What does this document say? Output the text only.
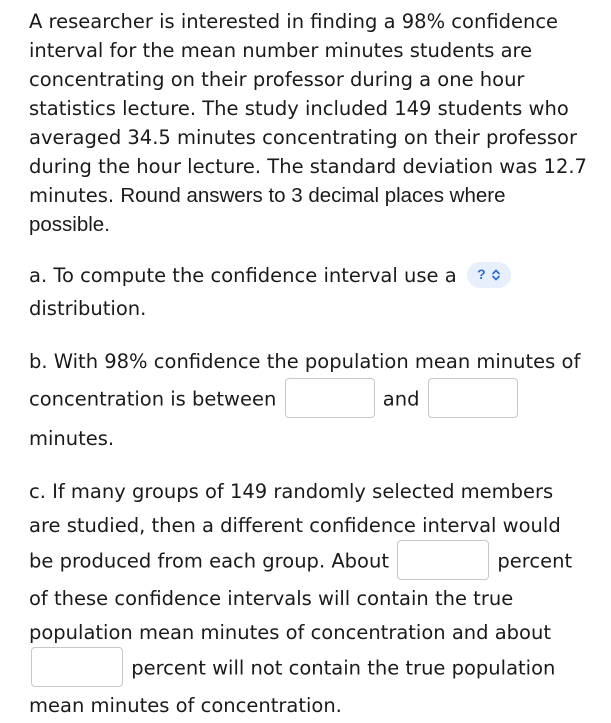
A researcher is interested in finding a 98% confidence interval for the mean number minutes students are concentrating on their professor during a one hour statistics lecture. The study included 149 students who averaged 34.5 minutes concentrating on their professor during the hour lecture. The standard deviation was 12.7 minutes. Round answers to 3 decimal places where possible.

a. To compute the confidence interval use a ?

distribution.

b. With 98% confidence the population mean minutes of concentration is between	and  minutes.

c. If many groups of 149 randomly selected members are studied, then a different confidence interval would be produced from each group. About	percent of these confidence intervals will contain the true population mean minutes of concentration and about  percent will not contain the true population mean minutes of concentration.
